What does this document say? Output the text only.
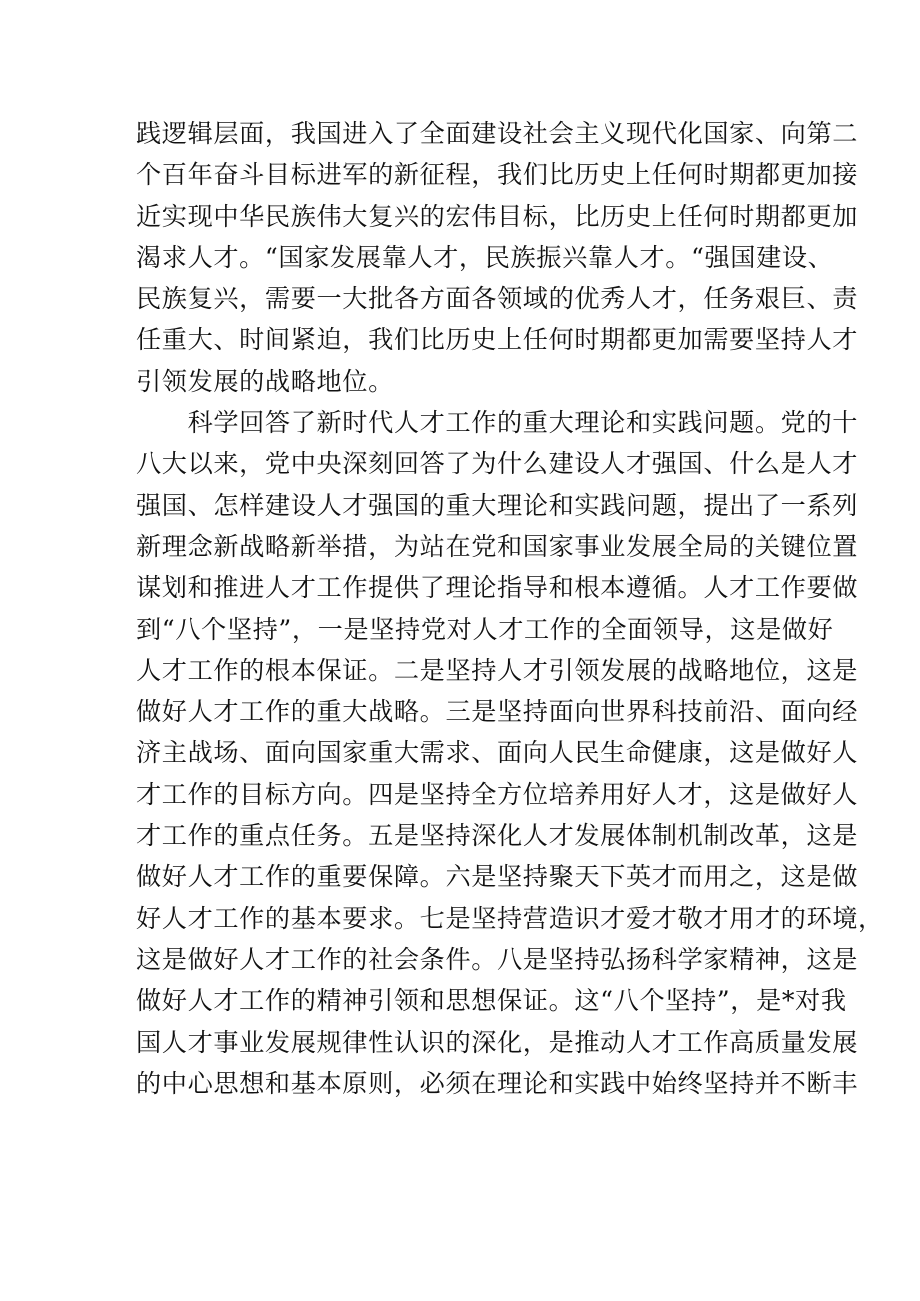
践逻辑层面，我国进入了全面建设社会主义现代化国家、向第二
个百年奋斗目标进军的新征程，我们比历史上任何时期都更加接
近实现中华民族伟大复兴的宏伟目标，比历史上任何时期都更加
渴求人才。“国家发展靠人才，民族振兴靠人才。“强国建设、
民族复兴，需要一大批各方面各领域的优秀人才，任务艰巨、责
任重大、时间紧迫，我们比历史上任何时期都更加需要坚持人才
引领发展的战略地位。
　　科学回答了新时代人才工作的重大理论和实践问题。党的十
八大以来，党中央深刻回答了为什么建设人才强国、什么是人才
强国、怎样建设人才强国的重大理论和实践问题，提出了一系列
新理念新战略新举措，为站在党和国家事业发展全局的关键位置
谋划和推进人才工作提供了理论指导和根本遵循。人才工作要做
到“八个坚持”，一是坚持党对人才工作的全面领导，这是做好
人才工作的根本保证。二是坚持人才引领发展的战略地位，这是
做好人才工作的重大战略。三是坚持面向世界科技前沿、面向经
济主战场、面向国家重大需求、面向人民生命健康，这是做好人
才工作的目标方向。四是坚持全方位培养用好人才，这是做好人
才工作的重点任务。五是坚持深化人才发展体制机制改革，这是
做好人才工作的重要保障。六是坚持聚天下英才而用之，这是做
好人才工作的基本要求。七是坚持营造识才爱才敬才用才的环境，
这是做好人才工作的社会条件。八是坚持弘扬科学家精神，这是
做好人才工作的精神引领和思想保证。这“八个坚持”，是*对我
国人才事业发展规律性认识的深化，是推动人才工作高质量发展
的中心思想和基本原则，必须在理论和实践中始终坚持并不断丰
